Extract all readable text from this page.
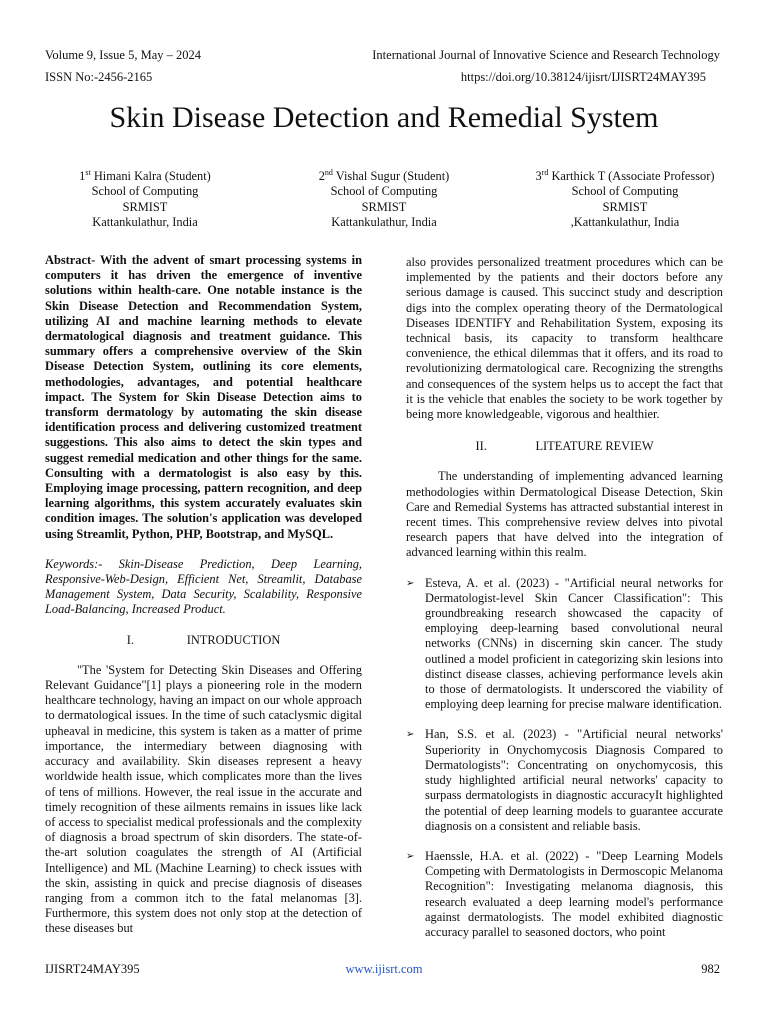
Volume 9, Issue 5, May – 2024
ISSN No:-2456-2165
International Journal of Innovative Science and Research Technology
https://doi.org/10.38124/ijisrt/IJISRT24MAY395
Skin Disease Detection and Remedial System
1st Himani Kalra (Student)
School of Computing
SRMIST
Kattankulathur, India
2nd Vishal Sugur (Student)
School of Computing
SRMIST
Kattankulathur, India
3rd Karthick T (Associate Professor)
School of Computing
SRMIST
,Kattankulathur, India

Abstract- With the advent of smart processing systems in computers it has driven the emergence of inventive solutions within health-care. One notable instance is the Skin Disease Detection and Recommendation System, utilizing AI and machine learning methods to elevate dermatological diagnosis and treatment guidance. This summary offers a comprehensive overview of the Skin Disease Detection System, outlining its core elements, methodologies, advantages, and potential healthcare impact. The System for Skin Disease Detection aims to transform dermatology by automating the skin disease identification process and delivering customized treatment suggestions. This also aims to detect the skin types and suggest remedial medication and other things for the same. Consulting with a dermatologist is also easy by this. Employing image processing, pattern recognition, and deep learning algorithms, this system accurately evaluates skin condition images. The solution's application was developed using Streamlit, Python, PHP, Bootstrap, and MySQL.

Keywords:- Skin-Disease Prediction, Deep Learning, Responsive-Web-Design, Efficient Net, Streamlit, Database Management System, Data Security, Scalability, Responsive Load-Balancing, Increased Product.

I.	INTRODUCTION

"The 'System for Detecting Skin Diseases and Offering Relevant Guidance"[1] plays a pioneering role in the modern healthcare technology, having an impact on our whole approach to dermatological issues. In the time of such cataclysmic digital upheaval in medicine, this system is taken as a matter of prime importance, the intermediary between diagnosing with accuracy and availability. Skin diseases represent a heavy worldwide health issue, which complicates more than the lives of tens of millions. However, the real issue in the accurate and timely recognition of these ailments remains in issues like lack of access to specialist medical professionals and the complexity of diagnosis a broad spectrum of skin disorders. The state-of-the-art solution coagulates the strength of AI (Artificial Intelligence) and ML (Machine Learning) to check issues with the skin, assisting in quick and precise diagnosis of diseases ranging from a common itch to the fatal melanomas [3]. Furthermore, this system does not only stop at the detection of these diseases but

also provides personalized treatment procedures which can be implemented by the patients and their doctors before any serious damage is caused. This succinct study and description digs into the complex operating theory of the Dermatological Diseases IDENTIFY and Rehabilitation System, exposing its technical basis, its capacity to transform healthcare convenience, the ethical dilemmas that it offers, and its road to revolutionizing dermatological care. Recognizing the strengths and consequences of the system helps us to accept the fact that it is the vehicle that enables the society to be work together by being more knowledgeable, vigorous and healthier.

II.	LITEATURE REVIEW

The understanding of implementing advanced learning methodologies within Dermatological Disease Detection, Skin Care and Remedial Systems has attracted substantial interest in recent times. This comprehensive review delves into pivotal research papers that have delved into the integration of advanced learning within this realm.

➢ Esteva, A. et al. (2023) - "Artificial neural networks for Dermatologist-level Skin Cancer Classification": This groundbreaking research showcased the capacity of employing deep-learning based convolutional neural networks (CNNs) in discerning skin cancer. The study outlined a model proficient in categorizing skin lesions into distinct disease classes, achieving performance levels akin to those of dermatologists. It underscored the viability of employing deep learning for precise malware identification.
➢ Han, S.S. et al. (2023) - "Artificial neural networks' Superiority in Onychomycosis Diagnosis Compared to Dermatologists": Concentrating on onychomycosis, this study highlighted artificial neural networks' capacity to surpass dermatologists in diagnostic accuracyIt highlighted the potential of deep learning models to guarantee accurate diagnosis on a consistent and reliable basis.
➢ Haenssle, H.A. et al. (2022) - "Deep Learning Models Competing with Dermatologists in Dermoscopic Melanoma Recognition": Investigating melanoma diagnosis, this research evaluated a deep learning model's performance against dermatologists. The model exhibited diagnostic accuracy parallel to seasoned doctors, who point
IJISRT24MAY395	www.ijisrt.com	982
